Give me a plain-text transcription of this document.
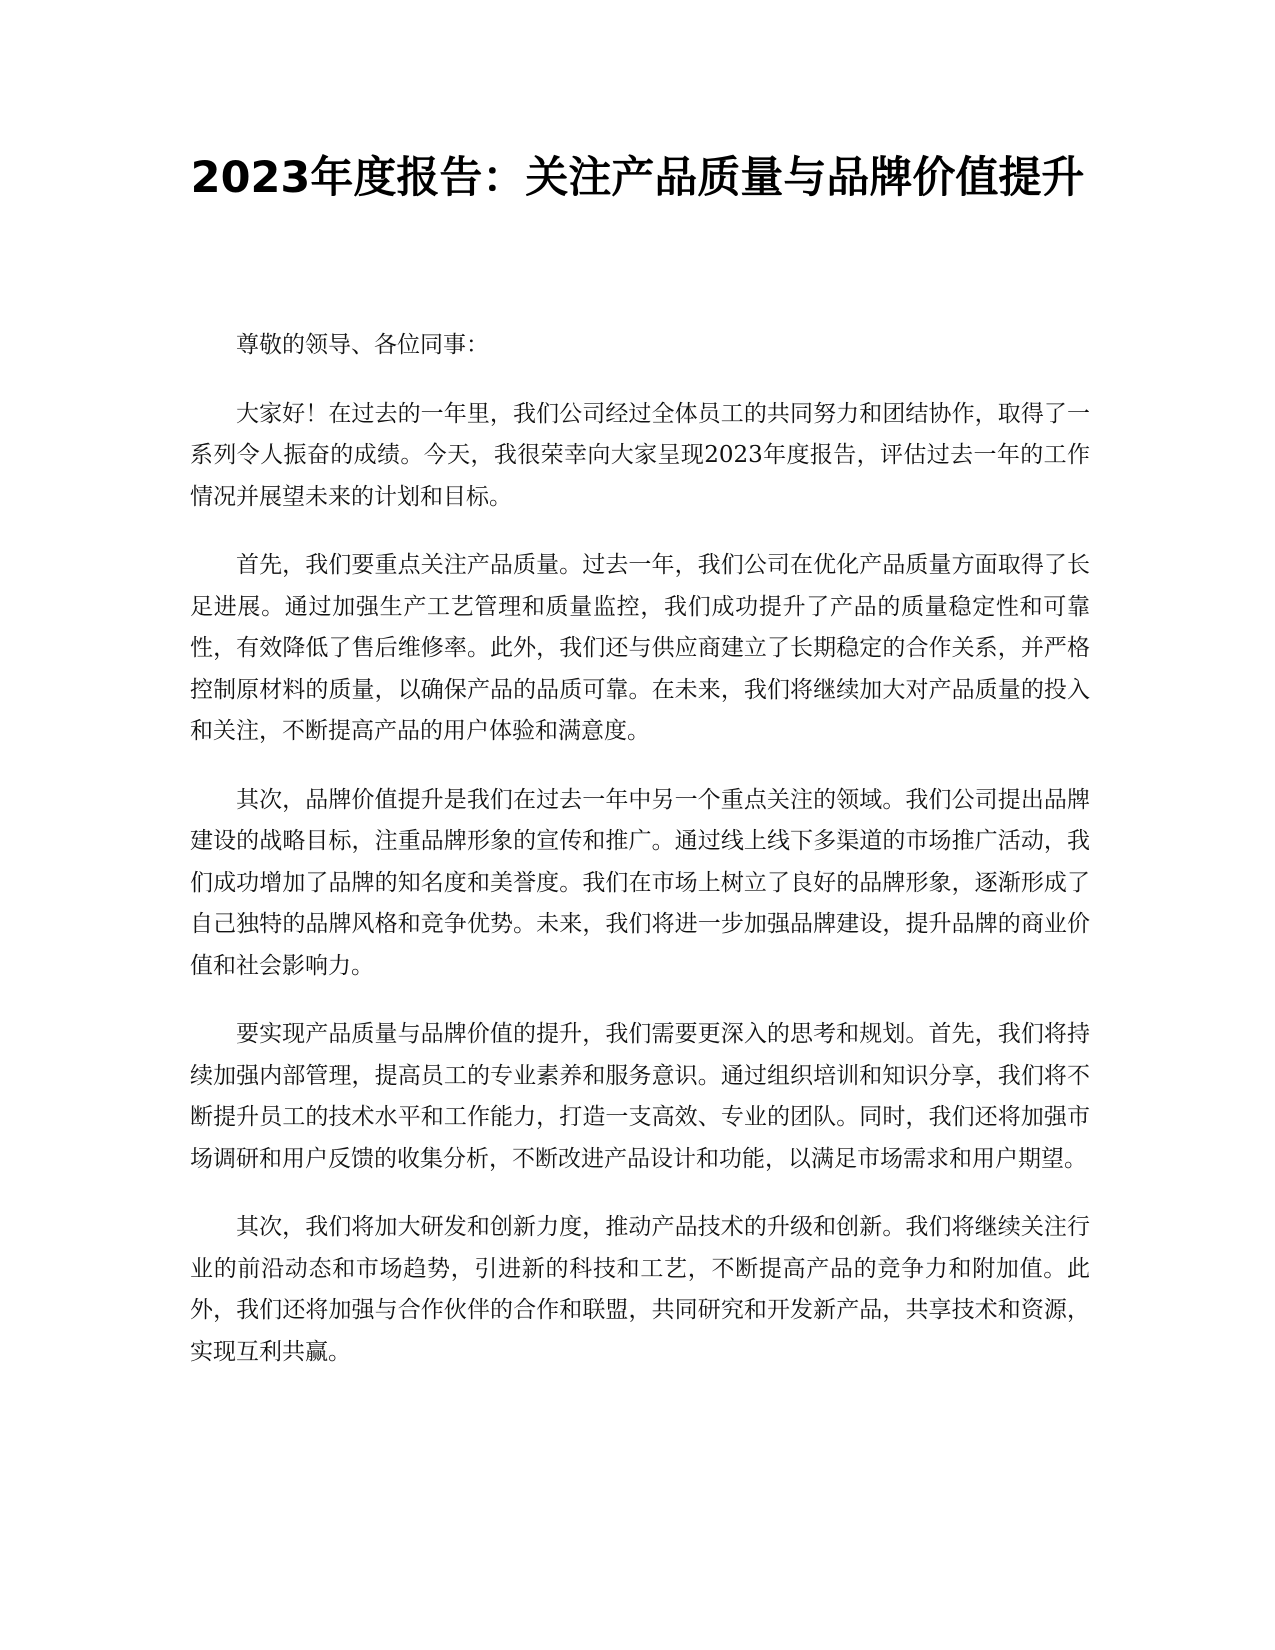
2023年度报告：关注产品质量与品牌价值提升

尊敬的领导、各位同事：

大家好！在过去的一年里，我们公司经过全体员工的共同努力和团结协作，取得了一系列令人振奋的成绩。今天，我很荣幸向大家呈现2023年度报告，评估过去一年的工作情况并展望未来的计划和目标。

首先，我们要重点关注产品质量。过去一年，我们公司在优化产品质量方面取得了长足进展。通过加强生产工艺管理和质量监控，我们成功提升了产品的质量稳定性和可靠性，有效降低了售后维修率。此外，我们还与供应商建立了长期稳定的合作关系，并严格控制原材料的质量，以确保产品的品质可靠。在未来，我们将继续加大对产品质量的投入和关注，不断提高产品的用户体验和满意度。

其次，品牌价值提升是我们在过去一年中另一个重点关注的领域。我们公司提出品牌建设的战略目标，注重品牌形象的宣传和推广。通过线上线下多渠道的市场推广活动，我们成功增加了品牌的知名度和美誉度。我们在市场上树立了良好的品牌形象，逐渐形成了自己独特的品牌风格和竞争优势。未来，我们将进一步加强品牌建设，提升品牌的商业价值和社会影响力。

要实现产品质量与品牌价值的提升，我们需要更深入的思考和规划。首先，我们将持续加强内部管理，提高员工的专业素养和服务意识。通过组织培训和知识分享，我们将不断提升员工的技术水平和工作能力，打造一支高效、专业的团队。同时，我们还将加强市场调研和用户反馈的收集分析，不断改进产品设计和功能，以满足市场需求和用户期望。

其次，我们将加大研发和创新力度，推动产品技术的升级和创新。我们将继续关注行业的前沿动态和市场趋势，引进新的科技和工艺，不断提高产品的竞争力和附加值。此外，我们还将加强与合作伙伴的合作和联盟，共同研究和开发新产品，共享技术和资源，实现互利共赢。
